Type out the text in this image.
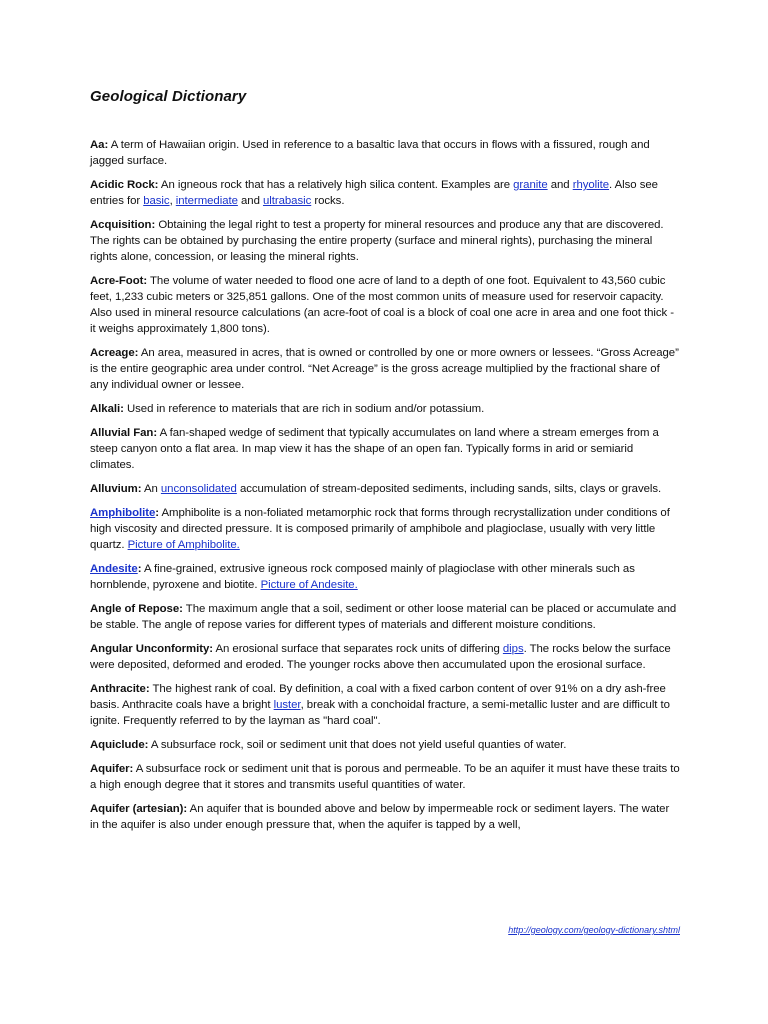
Geological Dictionary

Aa: A term of Hawaiian origin. Used in reference to a basaltic lava that occurs in flows with a fissured, rough and jagged surface.

Acidic Rock: An igneous rock that has a relatively high silica content. Examples are granite and rhyolite. Also see entries for basic, intermediate and ultrabasic rocks.

Acquisition: Obtaining the legal right to test a property for mineral resources and produce any that are discovered. The rights can be obtained by purchasing the entire property (surface and mineral rights), purchasing the mineral rights alone, concession, or leasing the mineral rights.

Acre-Foot: The volume of water needed to flood one acre of land to a depth of one foot. Equivalent to 43,560 cubic feet, 1,233 cubic meters or 325,851 gallons. One of the most common units of measure used for reservoir capacity. Also used in mineral resource calculations (an acre-foot of coal is a block of coal one acre in area and one foot thick - it weighs approximately 1,800 tons).

Acreage: An area, measured in acres, that is owned or controlled by one or more owners or lessees. “Gross Acreage” is the entire geographic area under control. “Net Acreage” is the gross acreage multiplied by the fractional share of any individual owner or lessee.

Alkali: Used in reference to materials that are rich in sodium and/or potassium.

Alluvial Fan: A fan-shaped wedge of sediment that typically accumulates on land where a stream emerges from a steep canyon onto a flat area. In map view it has the shape of an open fan. Typically forms in arid or semiarid climates.

Alluvium: An unconsolidated accumulation of stream-deposited sediments, including sands, silts, clays or gravels.

Amphibolite: Amphibolite is a non-foliated metamorphic rock that forms through recrystallization under conditions of high viscosity and directed pressure. It is composed primarily of amphibole and plagioclase, usually with very little quartz. Picture of Amphibolite.

Andesite: A fine-grained, extrusive igneous rock composed mainly of plagioclase with other minerals such as hornblende, pyroxene and biotite. Picture of Andesite.

Angle of Repose: The maximum angle that a soil, sediment or other loose material can be placed or accumulate and be stable. The angle of repose varies for different types of materials and different moisture conditions.

Angular Unconformity: An erosional surface that separates rock units of differing dips. The rocks below the surface were deposited, deformed and eroded. The younger rocks above then accumulated upon the erosional surface.

Anthracite: The highest rank of coal. By definition, a coal with a fixed carbon content of over 91% on a dry ash-free basis. Anthracite coals have a bright luster, break with a conchoidal fracture, a semi-metallic luster and are difficult to ignite. Frequently referred to by the layman as "hard coal".

Aquiclude: A subsurface rock, soil or sediment unit that does not yield useful quanties of water.

Aquifer: A subsurface rock or sediment unit that is porous and permeable. To be an aquifer it must have these traits to a high enough degree that it stores and transmits useful quantities of water.

Aquifer (artesian): An aquifer that is bounded above and below by impermeable rock or sediment layers. The water in the aquifer is also under enough pressure that, when the aquifer is tapped by a well,

http://geology.com/geology-dictionary.shtml
